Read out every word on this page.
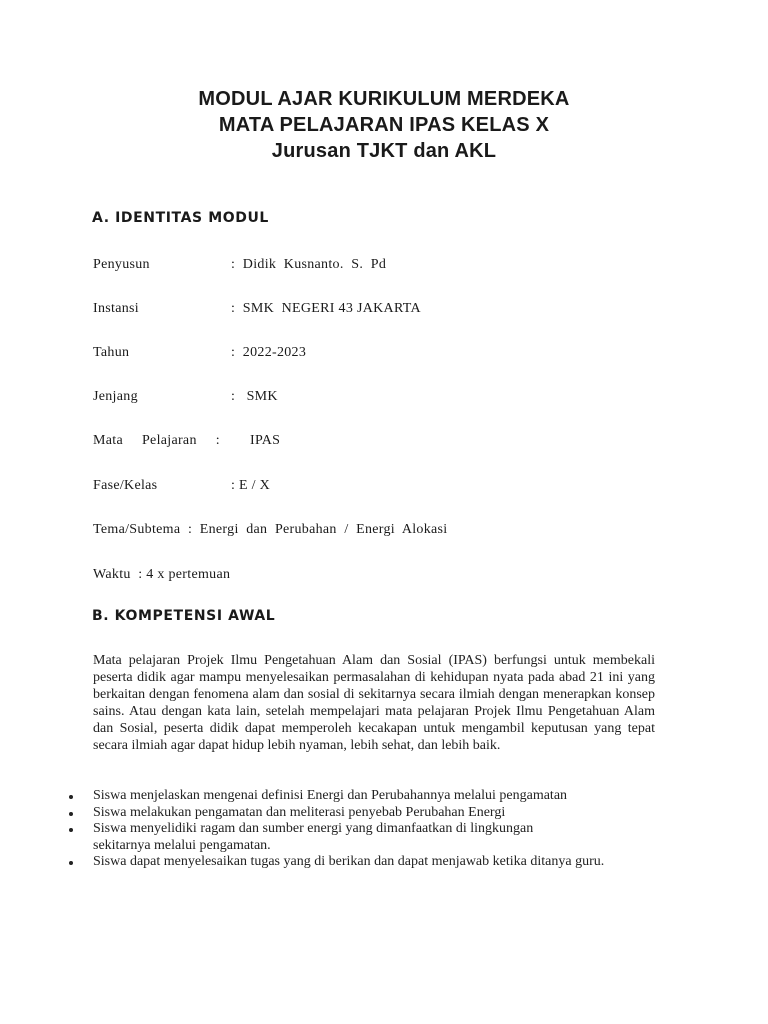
MODUL AJAR KURIKULUM MERDEKA
MATA PELAJARAN IPAS KELAS X
Jurusan TJKT dan AKL
A. IDENTITAS MODUL

Penyusun

	:  Didik  Kusnanto.  S.  Pd

Instansi

	:  SMK  NEGERI 43 JAKARTA

Tahun

	:  2022-2023

Jenjang

	:   SMK

Mata     Pelajaran     :

IPAS

Fase/Kelas

	: E / X

Tema/Subtema  :  Energi  dan  Perubahan  /  Energi  Alokasi

Waktu  : 4 x pertemuan

B. KOMPETENSI AWAL
Mata pelajaran Projek Ilmu Pengetahuan Alam dan Sosial (IPAS) berfungsi untuk membekali peserta didik agar mampu menyelesaikan permasalahan di kehidupan nyata pada abad 21 ini yang berkaitan dengan fenomena alam dan sosial di sekitarnya secara ilmiah dengan menerapkan konsep sains. Atau dengan kata lain, setelah mempelajari mata pelajaran Projek Ilmu Pengetahuan Alam dan Sosial, peserta didik dapat memperoleh kecakapan untuk mengambil keputusan yang tepat secara ilmiah agar dapat hidup lebih nyaman, lebih sehat, dan lebih baik.
Siswa menjelaskan mengenai definisi Energi dan Perubahannya melalui pengamatan
Siswa melakukan pengamatan dan meliterasi penyebab Perubahan Energi
Siswa menyelidiki ragam dan sumber energi yang dimanfaatkan di lingkungan sekitarnya melalui pengamatan.
Siswa dapat menyelesaikan tugas yang di berikan dan dapat menjawab ketika ditanya guru.
